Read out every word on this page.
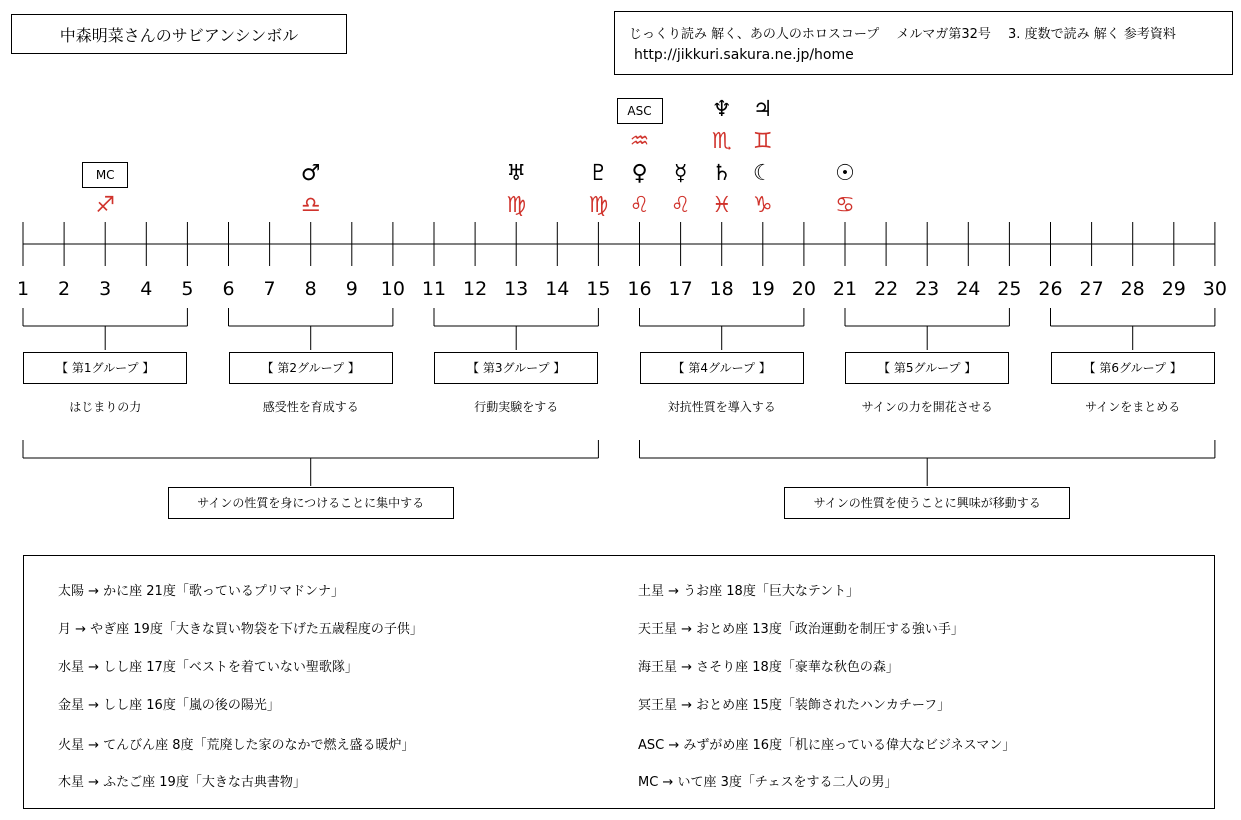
中森明菜さんのサビアンシンボル	じっくり読み 解く、あの人のホロスコープ　 メルマガ第32号 　3. 度数で読み 解く 参考資料
http://jikkuri.sakura.ne.jp/home
1	2	3	4	5	6	7	8	9	10 11 12 13 14 15 16 17 18 19 20 21 22 23 24 25 26 27 28 29 30
【 第1グループ 】
はじまりの力
【 第2グループ 】
感受性を育成する
【 第3グループ 】
行動実験をする
【 第4グループ 】
対抗性質を導入する
【 第5グループ 】
サインの力を開花させる
【 第6グループ 】
サインをまとめる
サインの性質を身につけることに集中する	サインの性質を使うことに興味が移動する
♐
MC
♎
♂
♍
♅
♍
♇
♌
♀
♒
ASC
♌
☿
♓
♄
♏
♆
♑
☾
♊
♃
♋
☉
太陽 → かに座 21度「歌っているプリマドンナ」
月 → やぎ座 19度「大きな買い物袋を下げた五歳程度の子供」
水星 → しし座 17度「ベストを着ていない聖歌隊」
金星 → しし座 16度「嵐の後の陽光」
火星 → てんびん座 8度「荒廃した家のなかで燃え盛る暖炉」
木星 → ふたご座 19度「大きな古典書物」
土星 → うお座 18度「巨大なテント」
天王星 → おとめ座 13度「政治運動を制圧する強い手」
海王星 → さそり座 18度「豪華な秋色の森」
冥王星 → おとめ座 15度「装飾されたハンカチーフ」
ASC → みずがめ座 16度「机に座っている偉大なビジネスマン」
MC → いて座 3度「チェスをする二人の男」
